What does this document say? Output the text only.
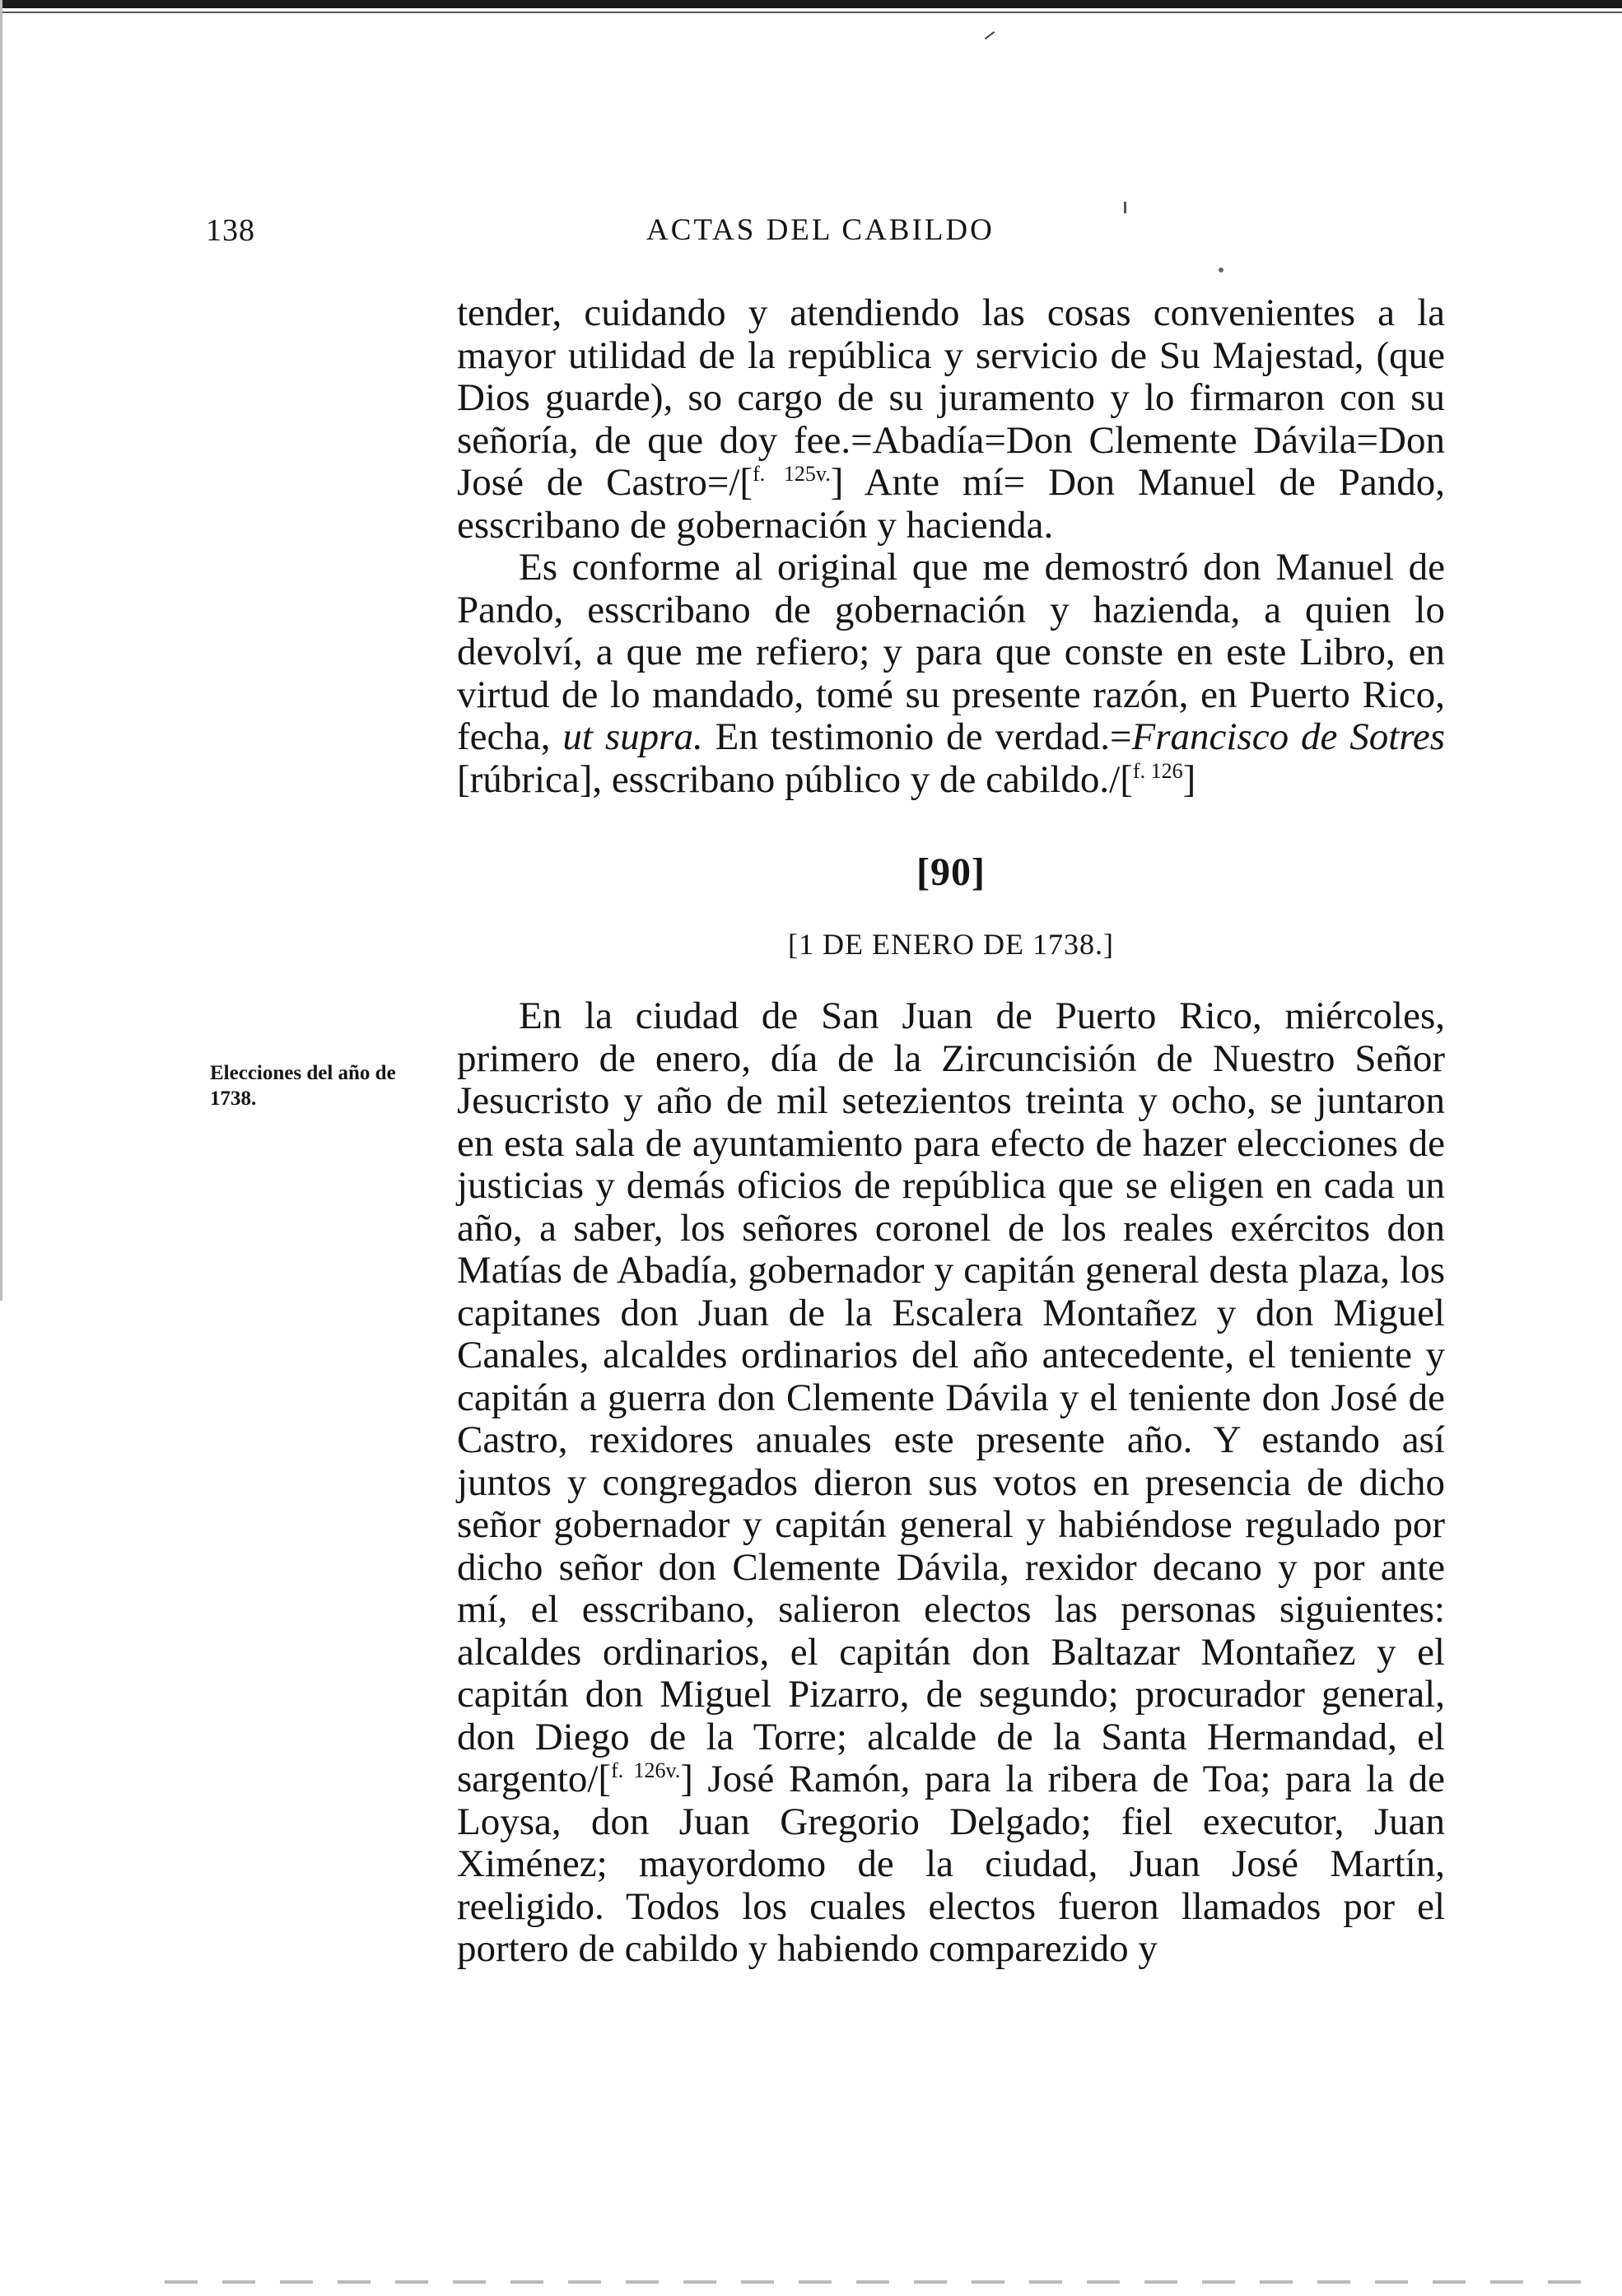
138	ACTAS DEL CABILDO
Elecciones del año de 1738.

tender, cuidando y atendiendo las cosas convenientes a la mayor utilidad de la república y servicio de Su Majestad, (que Dios guarde), so cargo de su juramento y lo firmaron con su señoría, de que doy fee.=Abadía=Don Clemente Dávila=Don José de Castro=/[$^{f. 125v.}$] Ante mí= Don Manuel de Pando, esscribano de gobernación y hacienda.

Es conforme al original que me demostró don Manuel de Pando, esscribano de gobernación y hazienda, a quien lo devolví, a que me refiero; y para que conste en este Libro, en virtud de lo mandado, tomé su presente razón, en Puerto Rico, fecha, ut supra. En testimonio de verdad.=Francisco de Sotres [rúbrica], esscribano público y de cabildo./[$^{f. 126}$]

[90]
[1 DE ENERO DE 1738.]

En la ciudad de San Juan de Puerto Rico, miércoles, primero de enero, día de la Zircuncisión de Nuestro Señor Jesucristo y año de mil setezientos treinta y ocho, se juntaron en esta sala de ayuntamiento para efecto de hazer elecciones de justicias y demás oficios de república que se eligen en cada un año, a saber, los señores coronel de los reales exércitos don Matías de Abadía, gobernador y capitán general desta plaza, los capitanes don Juan de la Escalera Montañez y don Miguel Canales, alcaldes ordinarios del año antecedente, el teniente y capitán a guerra don Clemente Dávila y el teniente don José de Castro, rexidores anuales este presente año. Y estando así juntos y congregados dieron sus votos en presencia de dicho señor gobernador y capitán general y habiéndose regulado por dicho señor don Clemente Dávila, rexidor decano y por ante mí, el esscribano, salieron electos las personas siguientes: alcaldes ordinarios, el capitán don Baltazar Montañez y el capitán don Miguel Pizarro, de segundo; procurador general, don Diego de la Torre; alcalde de la Santa Hermandad, el sargento/[$^{f. 126v.}$] José Ramón, para la ribera de Toa; para la de Loysa, don Juan Gregorio Delgado; fiel executor, Juan Ximénez; mayordomo de la ciudad, Juan José Martín, reeligido. Todos los cuales electos fueron llamados por el portero de cabildo y habiendo comparezido y
